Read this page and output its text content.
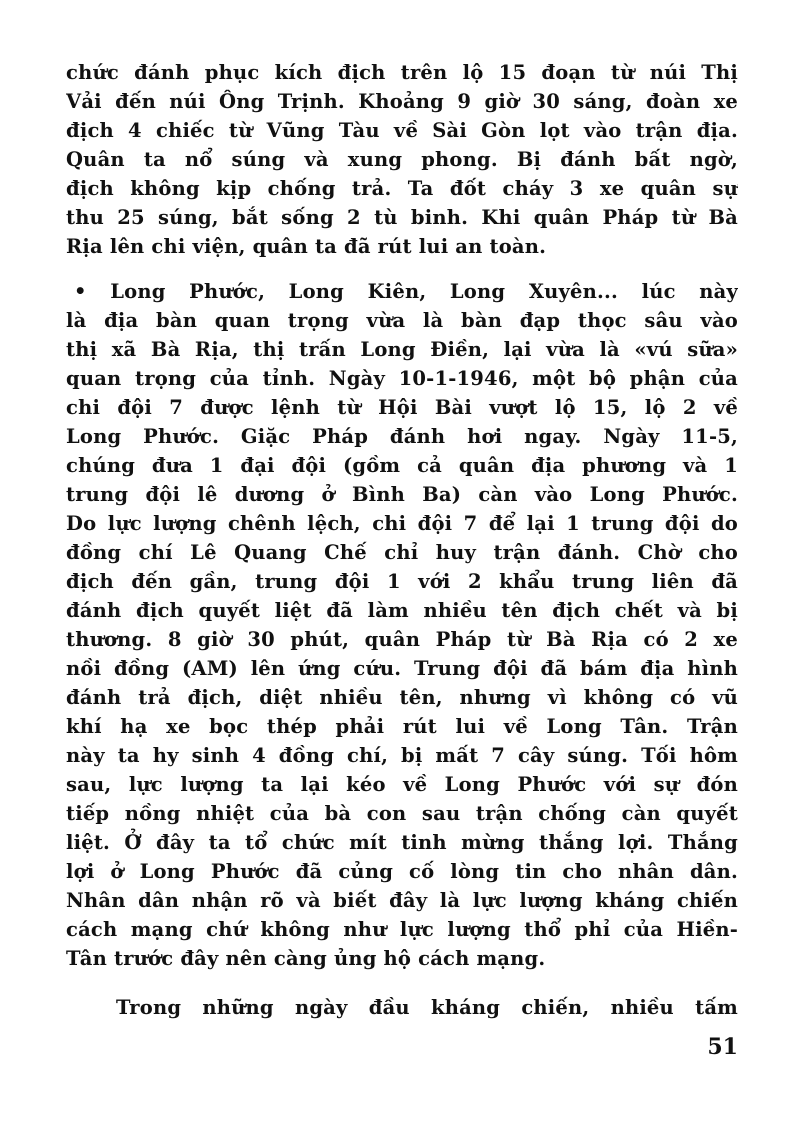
chức đánh phục kích địch trên lộ 15 đoạn từ núi Thị
Vải đến núi Ông Trịnh. Khoảng 9 giờ 30 sáng, đoàn xe
địch 4 chiếc từ Vũng Tàu về Sài Gòn lọt vào trận địa.
Quân ta nổ súng và xung phong. Bị đánh bất ngờ,
địch không kịp chống trả. Ta đốt cháy 3 xe quân sự
thu 25 súng, bắt sống 2 tù binh. Khi quân Pháp từ Bà
Rịa lên chi viện, quân ta đã rút lui an toàn.
• Long Phước, Long Kiên, Long Xuyên... lúc này
là địa bàn quan trọng vừa là bàn đạp thọc sâu vào
thị xã Bà Rịa, thị trấn Long Điền, lại vừa là «vú sữa»
quan trọng của tỉnh. Ngày 10-1-1946, một bộ phận của
chi đội 7 được lệnh từ Hội Bài vượt lộ 15, lộ 2 về
Long Phước. Giặc Pháp đánh hơi ngay. Ngày 11-5,
chúng đưa 1 đại đội (gồm cả quân địa phương và 1
trung đội lê dương ở Bình Ba) càn vào Long Phước.
Do lực lượng chênh lệch, chi đội 7 để lại 1 trung đội do
đồng chí Lê Quang Chế chỉ huy trận đánh. Chờ cho
địch đến gần, trung đội 1 với 2 khẩu trung liên đã
đánh địch quyết liệt đã làm nhiều tên địch chết và bị
thương. 8 giờ 30 phút, quân Pháp từ Bà Rịa có 2 xe
nồi đồng (AM) lên ứng cứu. Trung đội đã bám địa hình
đánh trả địch, diệt nhiều tên, nhưng vì không có vũ
khí hạ xe bọc thép phải rút lui về Long Tân. Trận
này ta hy sinh 4 đồng chí, bị mất 7 cây súng. Tối hôm
sau, lực lượng ta lại kéo về Long Phước với sự đón
tiếp nồng nhiệt của bà con sau trận chống càn quyết
liệt. Ở đây ta tổ chức mít tinh mừng thắng lợi. Thắng
lợi ở Long Phước đã củng cố lòng tin cho nhân dân.
Nhân dân nhận rõ và biết đây là lực lượng kháng chiến
cách mạng chứ không như lực lượng thổ phỉ của Hiền-
Tân trước đây nên càng ủng hộ cách mạng.
Trong những ngày đầu kháng chiến, nhiều tấm
51
